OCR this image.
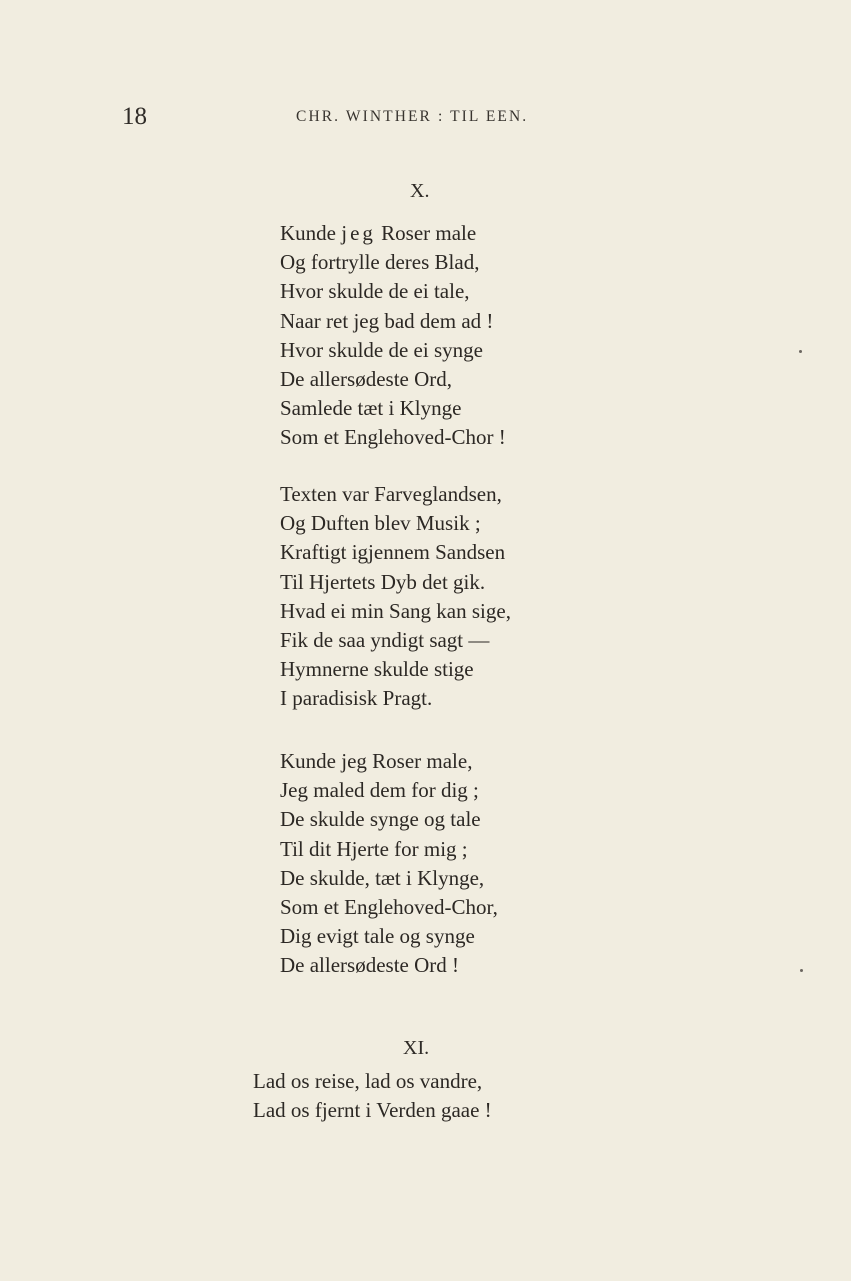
18	CHR. WINTHER : TIL EEN.
X.
Kunde jeg Roser male
Og fortrylle deres Blad,
Hvor skulde de ei tale,
Naar ret jeg bad dem ad !
Hvor skulde de ei synge
De allersødeste Ord,
Samlede tæt i Klynge
Som et Englehoved-Chor !
Texten var Farveglandsen,
Og Duften blev Musik ;
Kraftigt igjennem Sandsen
Til Hjertets Dyb det gik.
Hvad ei min Sang kan sige,
Fik de saa yndigt sagt —
Hymnerne skulde stige
I paradisisk Pragt.
Kunde jeg Roser male,
Jeg maled dem for dig ;
De skulde synge og tale
Til dit Hjerte for mig ;
De skulde, tæt i Klynge,
Som et Englehoved-Chor,
Dig evigt tale og synge
De allersødeste Ord !
XI.
Lad os reise, lad os vandre,
Lad os fjernt i Verden gaae !
